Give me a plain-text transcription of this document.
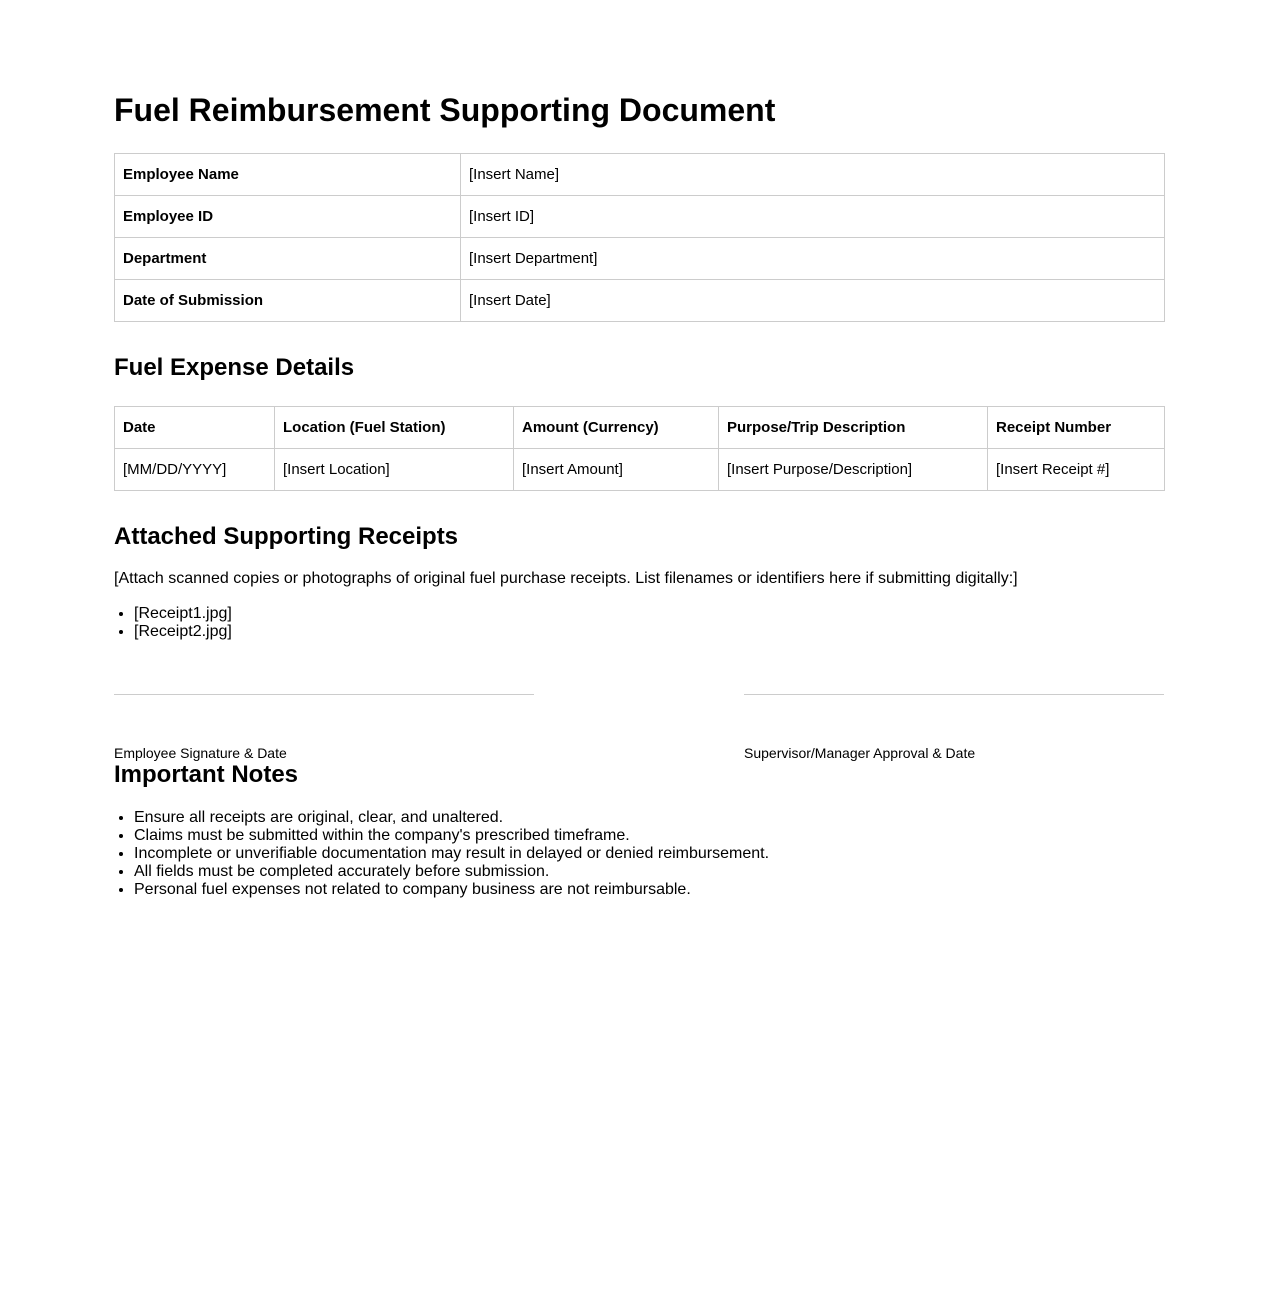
Fuel Reimbursement Supporting Document
Employee Name	[Insert Name]
Employee ID	[Insert ID]
Department	[Insert Department]
Date of Submission	[Insert Date]
Fuel Expense Details
Date	Location (Fuel Station)	Amount (Currency)	Purpose/Trip Description	Receipt Number
[MM/DD/YYYY]	[Insert Location]	[Insert Amount]	[Insert Purpose/Description]	[Insert Receipt #]
Attached Supporting Receipts

[Attach scanned copies or photographs of original fuel purchase receipts. List filenames or identifiers here if submitting digitally:]

• [Receipt1.jpg]
• [Receipt2.jpg]
Employee Signature & Date	Supervisor/Manager Approval & Date
Important Notes
• Ensure all receipts are original, clear, and unaltered.
• Claims must be submitted within the company's prescribed timeframe.
• Incomplete or unverifiable documentation may result in delayed or denied reimbursement.
• All fields must be completed accurately before submission.
• Personal fuel expenses not related to company business are not reimbursable.
